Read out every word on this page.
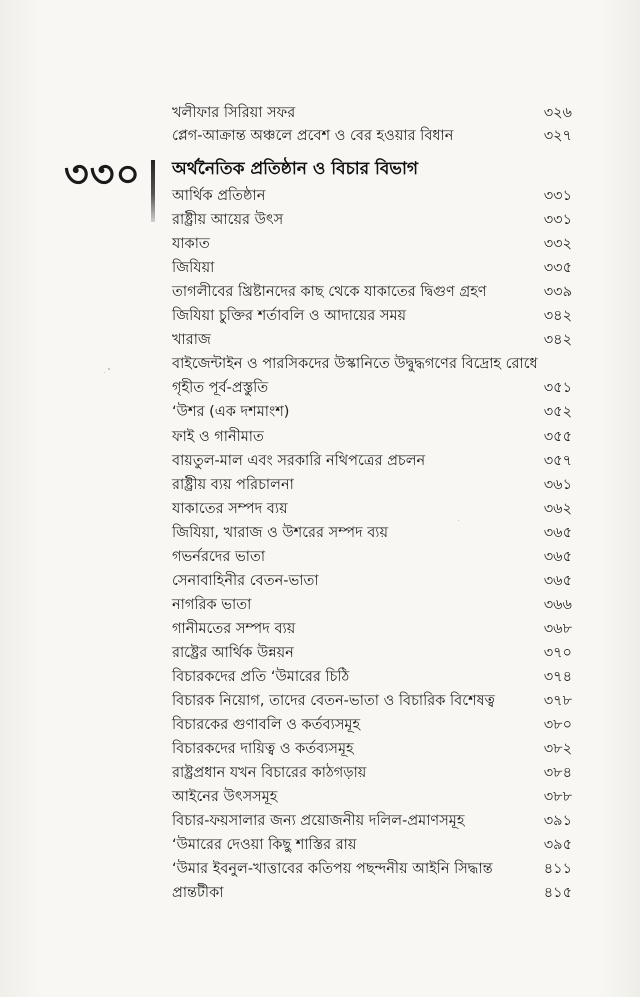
খলীফার সিরিয়া সফর	৩২৬
প্লেগ-আক্রান্ত অঞ্চলে প্রবেশ ও বের হওয়ার বিধান	৩২৭
৩৩০ অর্থনৈতিক প্রতিষ্ঠান ও বিচার বিভাগ
আর্থিক প্রতিষ্ঠান	৩৩১
রাষ্ট্রীয় আয়ের উৎস	৩৩১
যাকাত	৩৩২
জিযিয়া	৩৩৫
তাগলীবের খ্রিষ্টানদের কাছ থেকে যাকাতের দ্বিগুণ গ্রহণ	৩৩৯
জিযিয়া চুক্তির শর্তাবলি ও আদায়ের সময়	৩৪২
খারাজ	৩৪২
বাইজেন্টাইন ও পারসিকদের উস্কানিতে উদ্বুদ্ধগণের বিদ্রোহ রোধে
গৃহীত পূর্ব-প্রস্তুতি	৩৫১
‘উশর (এক দশমাংশ)	৩৫২
ফাই ও গানীমাত	৩৫৫
বায়তুল-মাল এবং সরকারি নথিপত্রের প্রচলন	৩৫৭
রাষ্ট্রীয় ব্যয় পরিচালনা	৩৬১
যাকাতের সম্পদ ব্যয়	৩৬২
জিযিয়া, খারাজ ও উশরের সম্পদ ব্যয়	৩৬৫
গভর্নরদের ভাতা	৩৬৫
সেনাবাহিনীর বেতন-ভাতা	৩৬৫
নাগরিক ভাতা	৩৬৬
গানীমতের সম্পদ ব্যয়	৩৬৮
রাষ্ট্রের আর্থিক উন্নয়ন	৩৭০
বিচারকদের প্রতি ‘উমারের চিঠি	৩৭৪
বিচারক নিয়োগ, তাদের বেতন-ভাতা ও বিচারিক বিশেষত্ব	৩৭৮
বিচারকের গুণাবলি ও কর্তব্যসমূহ	৩৮০
বিচারকদের দায়িত্ব ও কর্তব্যসমূহ	৩৮২
রাষ্ট্রপ্রধান যখন বিচারের কাঠগড়ায়	৩৮৪
আইনের উৎসসমূহ	৩৮৮
বিচার-ফয়সালার জন্য প্রয়োজনীয় দলিল-প্রমাণসমূহ	৩৯১
‘উমারের দেওয়া কিছু শাস্তির রায়	৩৯৫
‘উমার ইবনুল-খাত্তাবের কতিপয় পছন্দনীয় আইনি সিদ্ধান্ত	৪১১
প্রান্তটীকা	৪১৫
